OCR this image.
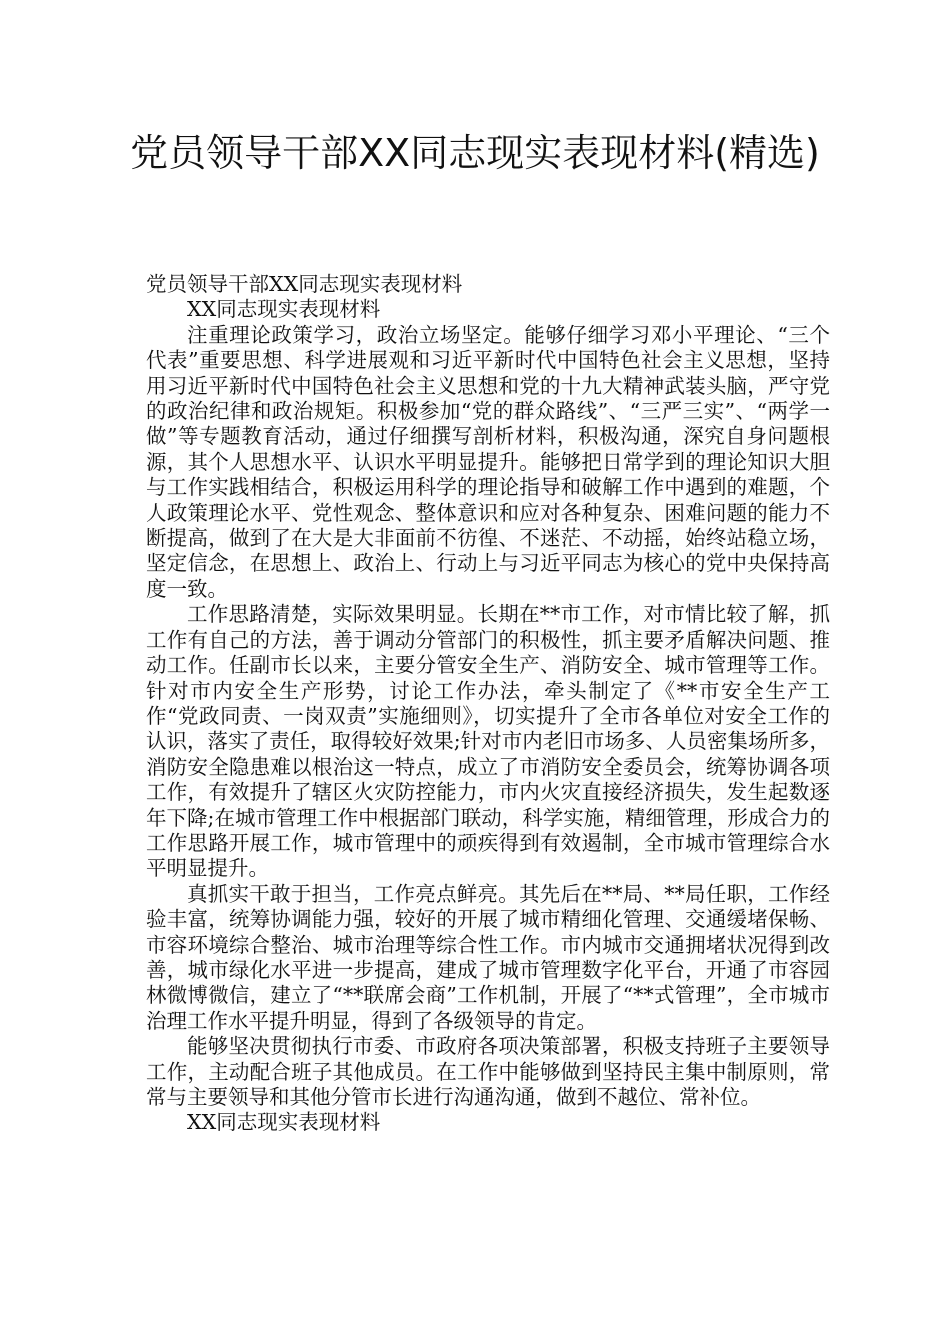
党员领导干部XX同志现实表现材料(精选)

党员领导干部XX同志现实表现材料

XX同志现实表现材料

注重理论政策学习，政治立场坚定。能够仔细学习邓小平理论、“三个代表”重要思想、科学进展观和习近平新时代中国特色社会主义思想，坚持用习近平新时代中国特色社会主义思想和党的十九大精神武装头脑，严守党的政治纪律和政治规矩。积极参加“党的群众路线”、“三严三实”、“两学一做”等专题教育活动，通过仔细撰写剖析材料，积极沟通，深究自身问题根源，其个人思想水平、认识水平明显提升。能够把日常学到的理论知识大胆与工作实践相结合，积极运用科学的理论指导和破解工作中遇到的难题，个人政策理论水平、党性观念、整体意识和应对各种复杂、困难问题的能力不断提高，做到了在大是大非面前不彷徨、不迷茫、不动摇，始终站稳立场，坚定信念，在思想上、政治上、行动上与习近平同志为核心的党中央保持高度一致。

工作思路清楚，实际效果明显。长期在**市工作，对市情比较了解，抓工作有自己的方法，善于调动分管部门的积极性，抓主要矛盾解决问题、推动工作。任副市长以来，主要分管安全生产、消防安全、城市管理等工作。针对市内安全生产形势，讨论工作办法，牵头制定了《**市安全生产工作“党政同责、一岗双责”实施细则》，切实提升了全市各单位对安全工作的认识，落实了责任，取得较好效果;针对市内老旧市场多、人员密集场所多，消防安全隐患难以根治这一特点，成立了市消防安全委员会，统筹协调各项工作，有效提升了辖区火灾防控能力，市内火灾直接经济损失，发生起数逐年下降;在城市管理工作中根据部门联动，科学实施，精细管理，形成合力的工作思路开展工作，城市管理中的顽疾得到有效遏制，全市城市管理综合水平明显提升。

真抓实干敢于担当，工作亮点鲜亮。其先后在**局、**局任职，工作经验丰富，统筹协调能力强，较好的开展了城市精细化管理、交通缓堵保畅、市容环境综合整治、城市治理等综合性工作。市内城市交通拥堵状况得到改善，城市绿化水平进一步提高，建成了城市管理数字化平台，开通了市容园林微博微信，建立了“**联席会商”工作机制，开展了“**式管理”，全市城市治理工作水平提升明显，得到了各级领导的肯定。

能够坚决贯彻执行市委、市政府各项决策部署，积极支持班子主要领导工作，主动配合班子其他成员。在工作中能够做到坚持民主集中制原则，常常与主要领导和其他分管市长进行沟通沟通，做到不越位、常补位。

XX同志现实表现材料
